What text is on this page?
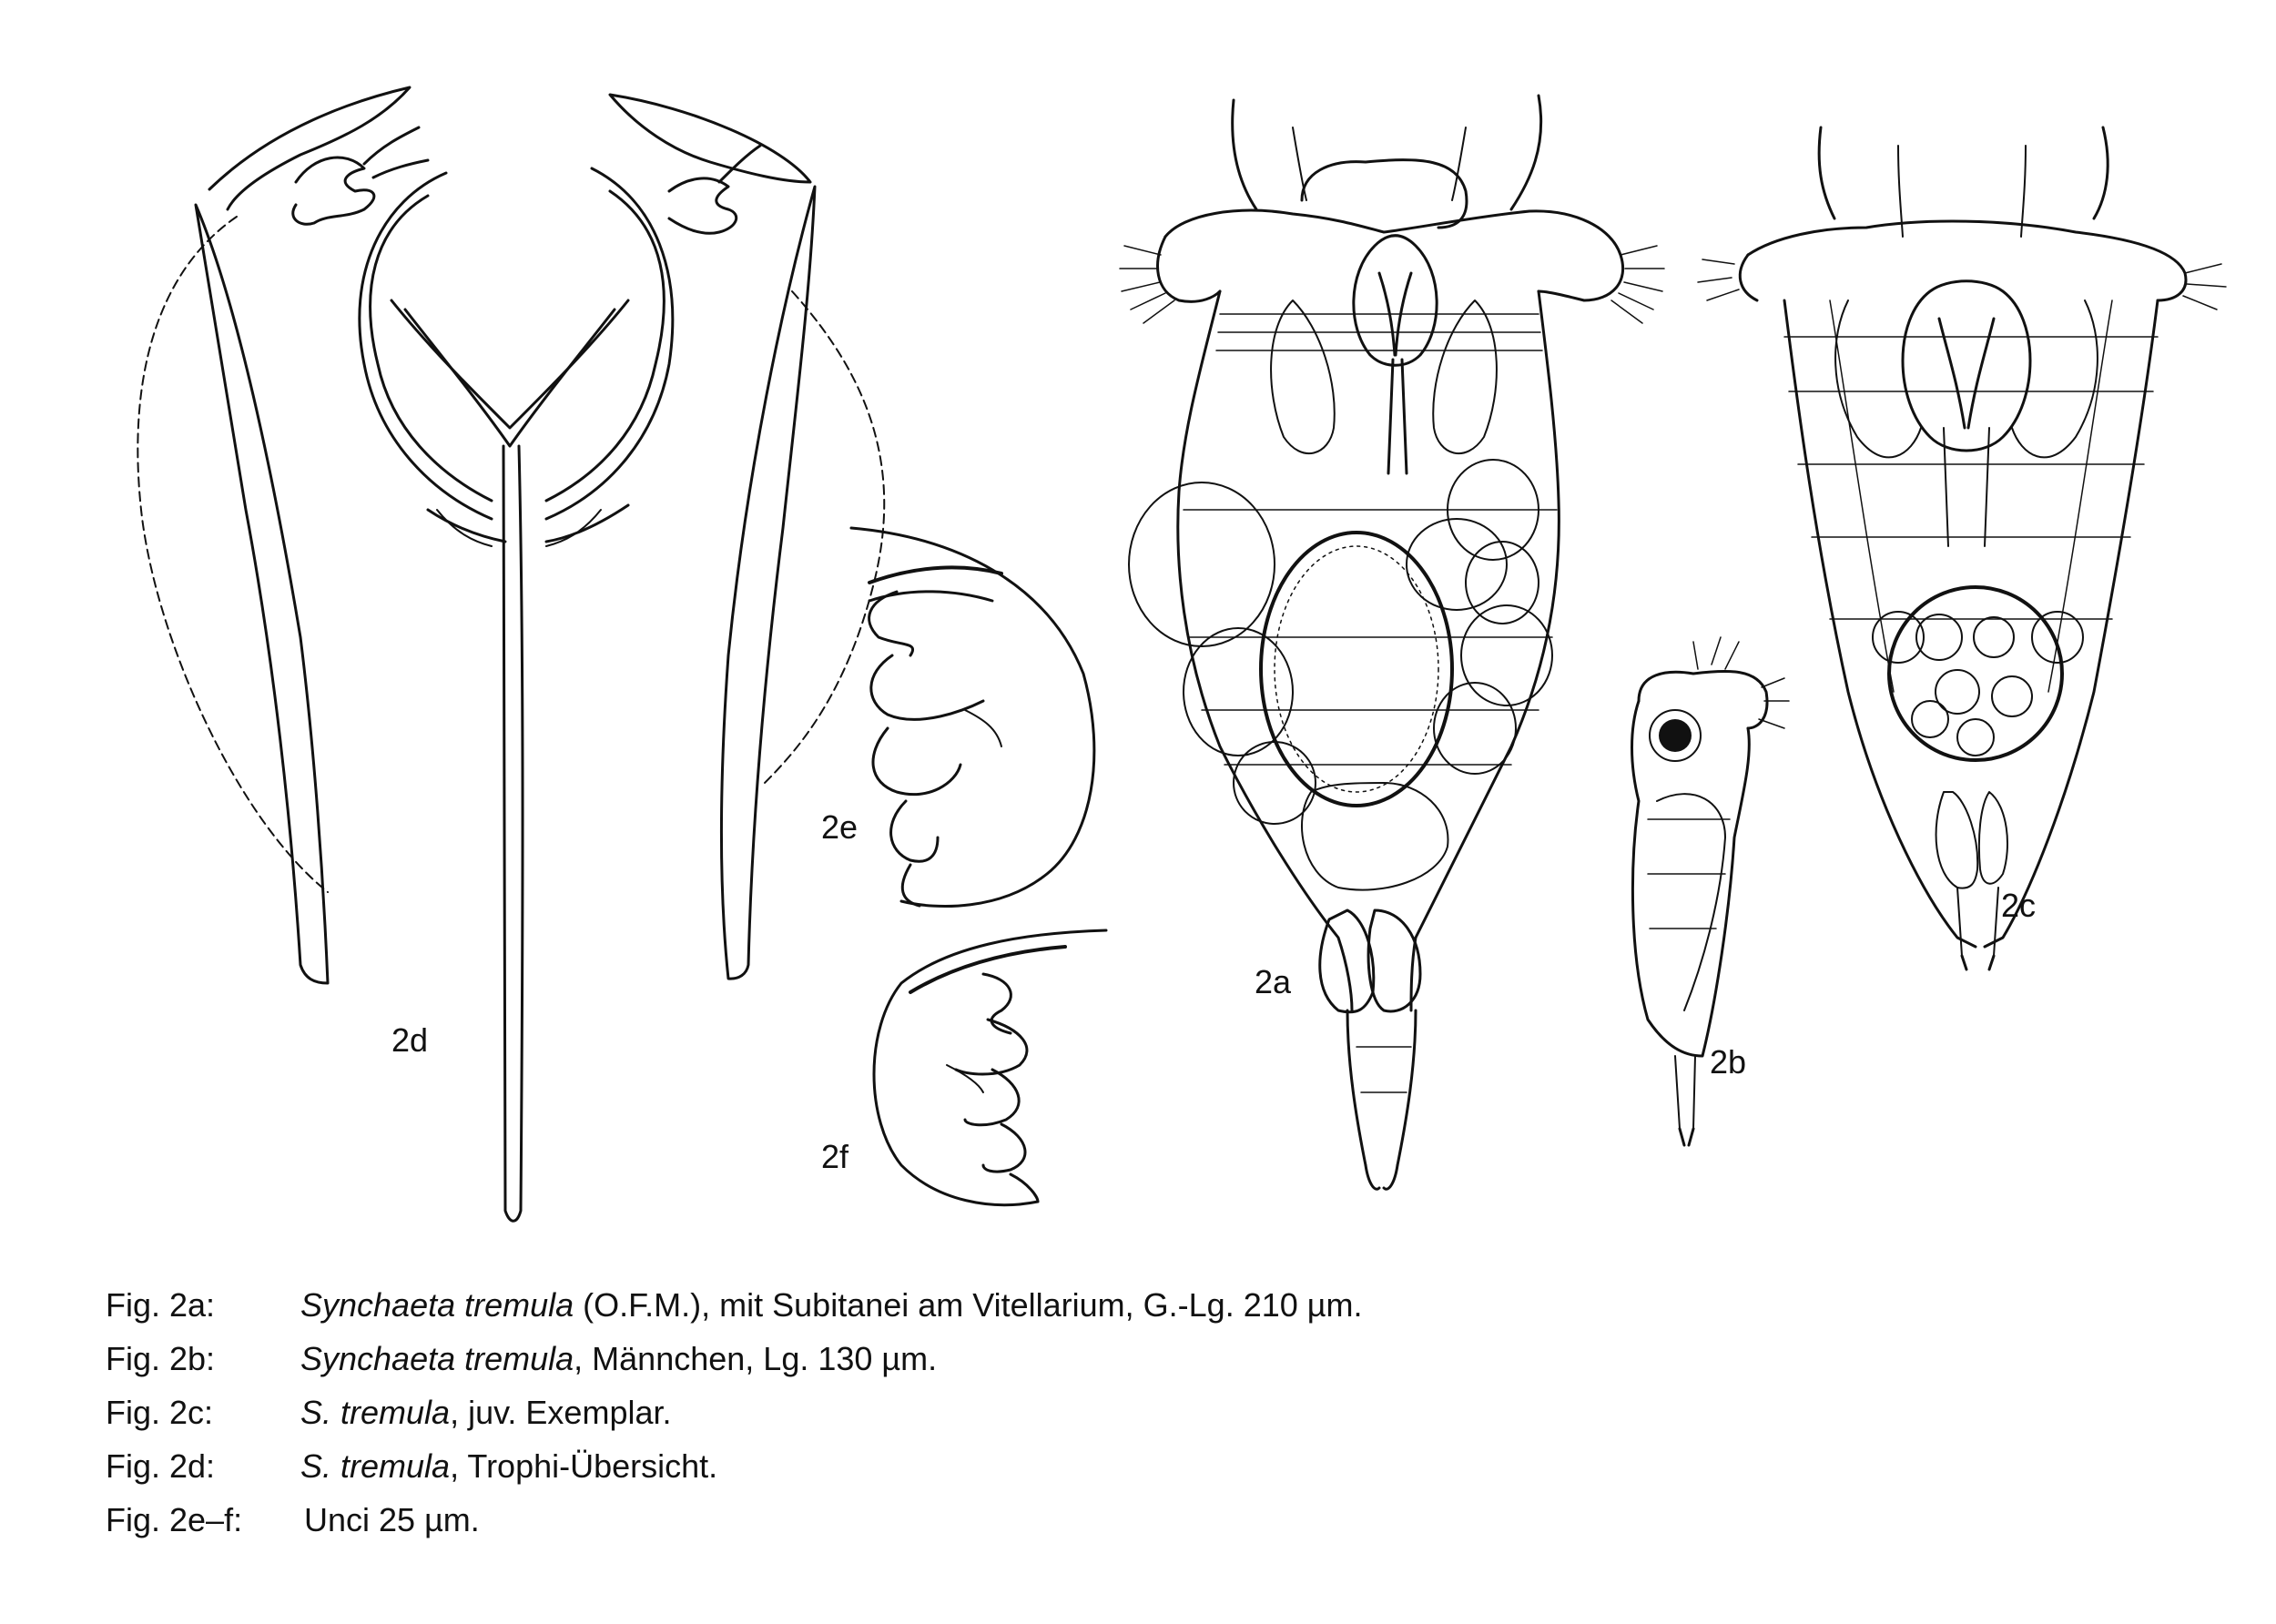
2d
2e
2f
2a
2b
2c
Fig. 2a:	Synchaeta tremula (O.F.M.), mit Subitanei am Vitellarium, G.-Lg. 210 µm.
Fig. 2b:	Synchaeta tremula, Männchen, Lg. 130 µm.
Fig. 2c:	S. tremula, juv. Exemplar.
Fig. 2d:	S. tremula, Trophi-Übersicht.
Fig. 2e–f: Unci 25 µm.
